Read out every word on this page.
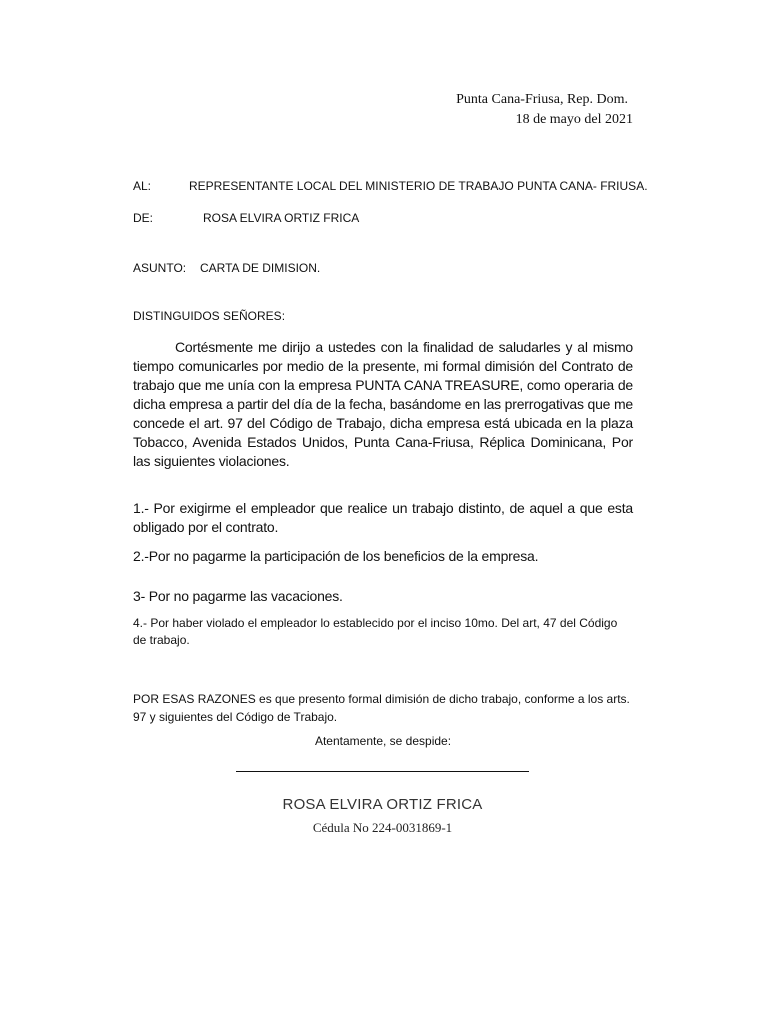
Punta Cana-Friusa, Rep. Dom.
18 de mayo del 2021
AL:	REPRESENTANTE LOCAL DEL MINISTERIO DE TRABAJO PUNTA CANA- FRIUSA.
DE:	ROSA ELVIRA ORTIZ FRICA
ASUNTO: CARTA DE DIMISION.
DISTINGUIDOS SEÑORES:
Cortésmente me dirijo a ustedes con la finalidad de saludarles y al mismo tiempo comunicarles por medio de la presente, mi formal dimisión del Contrato de trabajo que me unía con la empresa PUNTA CANA TREASURE, como operaria de dicha empresa a partir del día de la fecha, basándome en las prerrogativas que me concede el art. 97 del Código de Trabajo, dicha empresa está ubicada en la plaza Tobacco, Avenida Estados Unidos, Punta Cana-Friusa, Réplica Dominicana, Por las siguientes violaciones.
1.- Por exigirme el empleador que realice un trabajo distinto, de aquel a que esta obligado por el contrato.
2.-Por no pagarme la participación de los beneficios de la empresa.
3- Por no pagarme las vacaciones.
4.- Por haber violado el empleador lo establecido por el inciso 10mo. Del art, 47 del Código de trabajo.
POR ESAS RAZONES es que presento formal dimisión de dicho trabajo, conforme a los arts. 97 y siguientes del Código de Trabajo.
Atentamente, se despide:
ROSA ELVIRA ORTIZ FRICA
Cédula No 224-0031869-1
